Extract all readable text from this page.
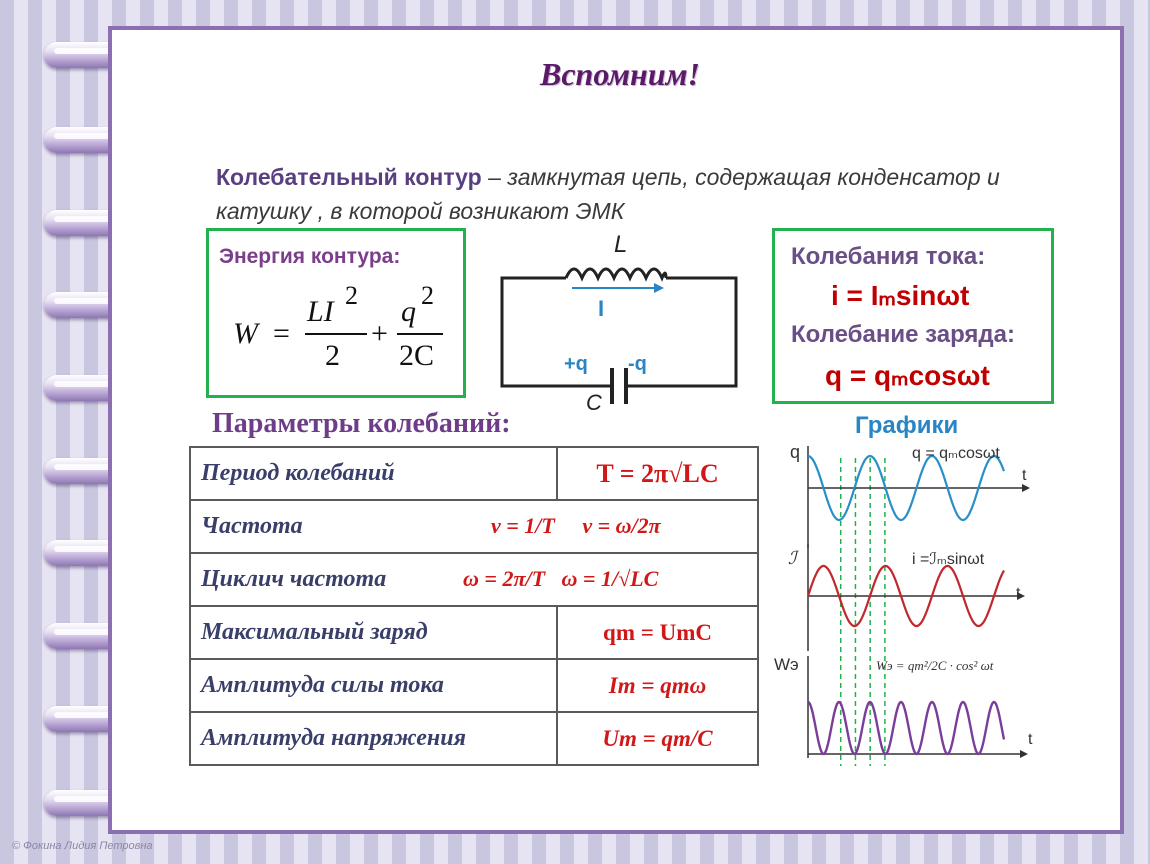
Вспомним!
Колебательный контур – замкнутая цепь, содержащая конденсатор и катушку , в которой возникают ЭМК
Энергия контура:
W =
LI 2
2
+
q 2
2C
L
I
+q -q
C
Колебания тока:
i = Iₘsinωt
Колебание заряда:
q = qₘcosωt
Параметры колебаний:	Графики
Период колебаний	T = 2π√LC
Частота ν = 1/T     ν = ω/2π	
Циклич частота ω = 2π/T   ω = 1/√LC	
Максимальный заряд	qm = UmC
Амплитуда силы тока	Im = qmω
Амплитуда напряжения	Um = qm/C
q	q = qₘcosωt
t
ℐ	i =ℐₘsinωt
t
Wэ	Wэ = qm²/2C · cos² ωt
t
© Фокина Лидия Петровна
